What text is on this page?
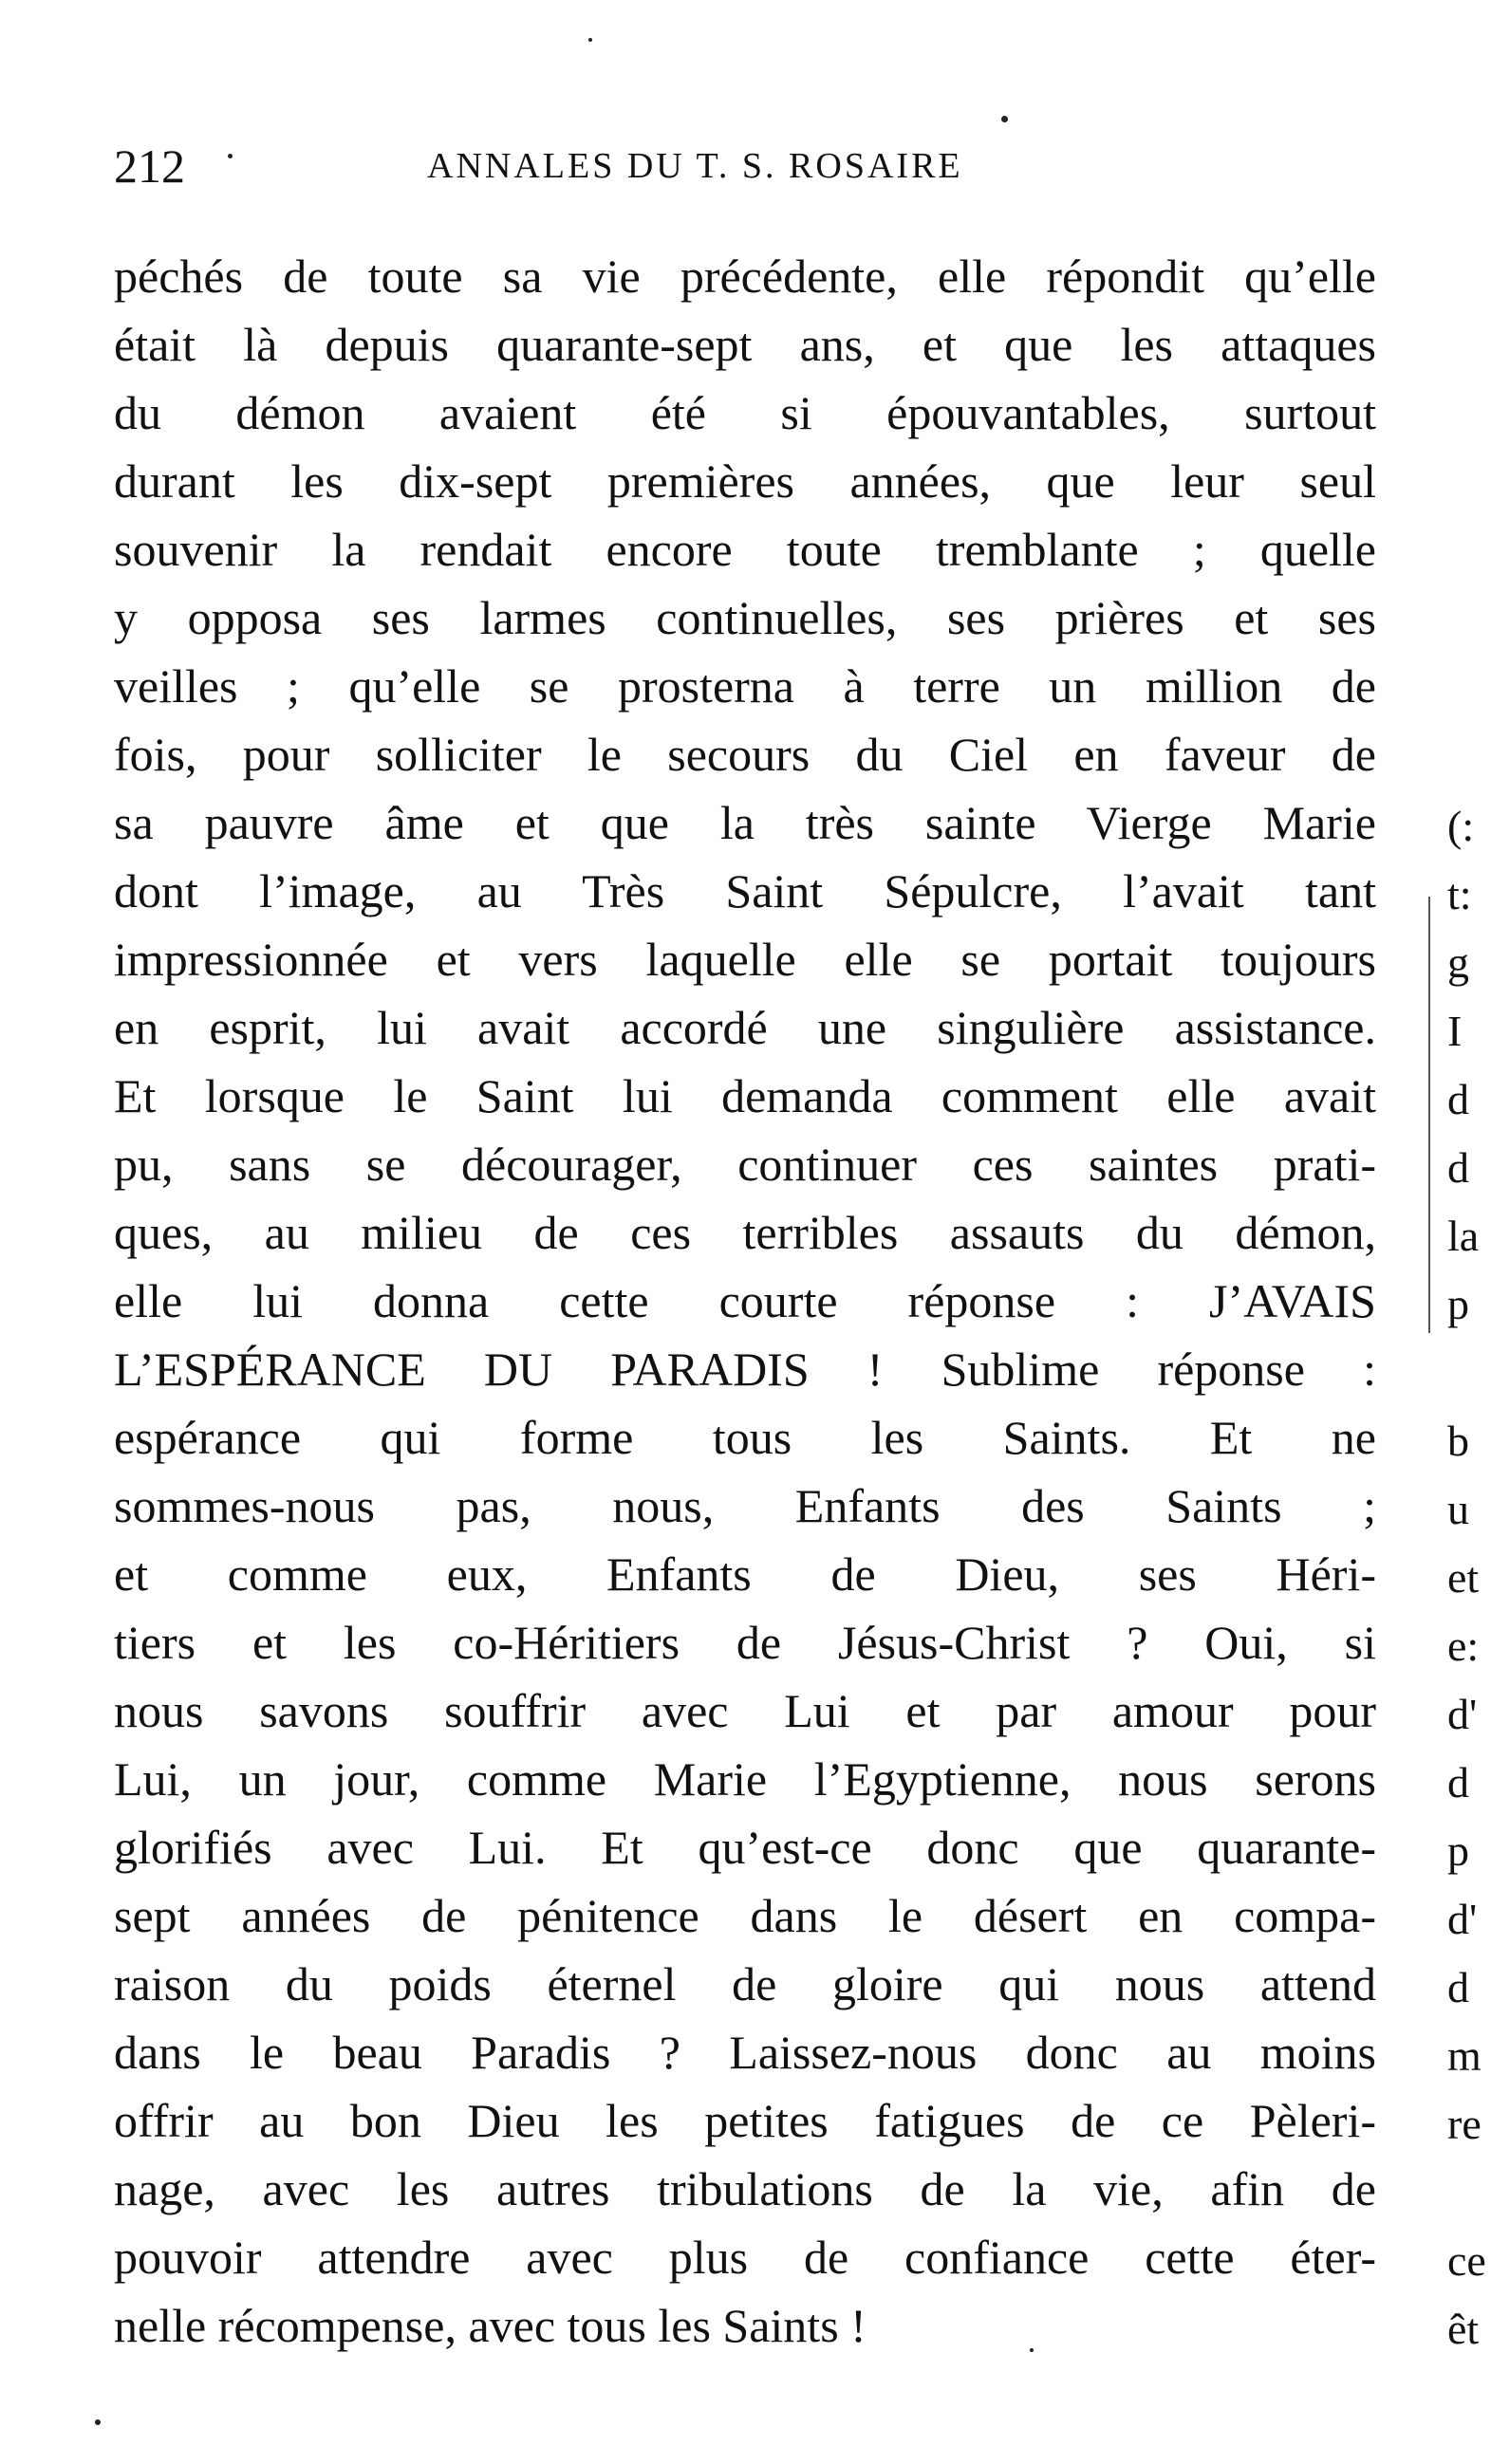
212	ANNALES DU T. S. ROSAIRE
péchés de toute sa vie précédente, elle répondit qu’elle
était là depuis quarante-sept ans, et que les attaques
du démon avaient été si épouvantables, surtout
durant les dix-sept premières années, que leur seul
souvenir la rendait encore toute tremblante ; quelle
y opposa ses larmes continuelles, ses prières et ses
veilles ; qu’elle se prosterna à terre un million de
fois, pour solliciter le secours du Ciel en faveur de
sa pauvre âme et que la très sainte Vierge Marie
dont l’image, au Très Saint Sépulcre, l’avait tant
impressionnée et vers laquelle elle se portait toujours
en esprit, lui avait accordé une singulière assistance.
Et lorsque le Saint lui demanda comment elle avait
pu, sans se décourager, continuer ces saintes prati-
ques, au milieu de ces terribles assauts du démon,
elle lui donna cette courte réponse : J’AVAIS
L’ESPÉRANCE DU PARADIS ! Sublime réponse :
espérance qui forme tous les Saints. Et ne
sommes-nous pas, nous, Enfants des Saints ;
et comme eux, Enfants de Dieu, ses Héri-
tiers et les co-Héritiers de Jésus-Christ ? Oui, si
nous savons souffrir avec Lui et par amour pour
Lui, un jour, comme Marie l’Egyptienne, nous serons
glorifiés avec Lui. Et qu’est-ce donc que quarante-
sept années de pénitence dans le désert en compa-
raison du poids éternel de gloire qui nous attend
dans le beau Paradis ? Laissez-nous donc au moins
offrir au bon Dieu les petites fatigues de ce Pèleri-
nage, avec les autres tribulations de la vie, afin de
pouvoir attendre avec plus de confiance cette éter-
nelle récompense, avec tous les Saints !
(:
t:
g
I
d
d
la
p
b
u
et
e:
d'
d
p
d'
d
m
re
ce
êt
